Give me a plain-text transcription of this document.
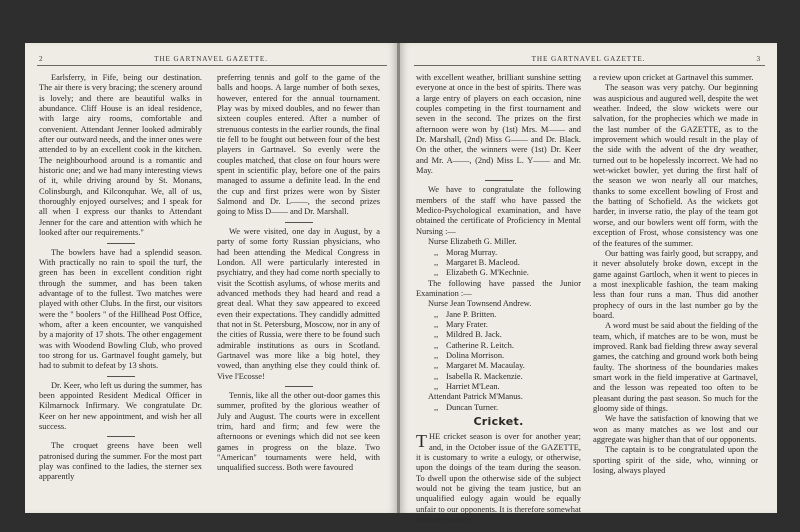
2	THE GARTNAVEL GAZETTE.

Earlsferry, in Fife, being our destination. The air there is very bracing; the scenery around is lovely; and there are beautiful walks in abundance. Cliff House is an ideal residence, with large airy rooms, comfortable and convenient. Attendant Jenner looked admirably after our outward needs, and the inner ones were attended to by an excellent cook in the kitchen. The neighbourhood around is a romantic and historic one; and we had many interesting views of it, while driving around by St. Monans, Colinsburgh, and Kilconquhar. We, all of us, thoroughly enjoyed ourselves; and I speak for all when I express our thanks to Attendant Jenner for the care and attention with which he looked after our requirements."

The bowlers have had a splendid season. With practically no rain to spoil the turf, the green has been in excellent condition right through the summer, and has been taken advantage of to the fullest. Two matches were played with other Clubs. In the first, our visitors were the " boolers " of the Hillhead Post Office, whom, after a keen encounter, we vanquished by a majority of 17 shots. The other engagement was with Woodend Bowling Club, who proved too strong for us. Gartnavel fought gamely, but had to submit to defeat by 13 shots.

Dr. Keer, who left us during the summer, has been appointed Resident Medical Officer in Kilmarnock Infirmary. We congratulate Dr. Keer on her new appointment, and wish her all success.

The croquet greens have been well patronised during the summer. For the most part play was confined to the ladies, the sterner sex apparently

preferring tennis and golf to the game of the balls and hoops. A large number of both sexes, however, entered for the annual tournament. Play was by mixed doubles, and no fewer than sixteen couples entered. After a number of strenuous contests in the earlier rounds, the final tie fell to be fought out between four of the best players in Gartnavel. So evenly were the couples matched, that close on four hours were spent in scientific play, before one of the pairs managed to assume a definite lead. In the end the cup and first prizes were won by Sister Salmond and Dr. L——, the second prizes going to Miss D—— and Dr. Marshall.

We were visited, one day in August, by a party of some forty Russian physicians, who had been attending the Medical Congress in London. All were particularly interested in psychiatry, and they had come north specially to visit the Scottish asylums, of whose merits and advanced methods they had heard and read a great deal. What they saw appeared to exceed even their expectations. They candidly admitted that not in St. Petersburg, Moscow, nor in any of the cities of Russia, were there to be found such admirable institutions as ours in Scotland. Gartnavel was more like a big hotel, they vowed, than anything else they could think of. Vive l'Ecosse!

Tennis, like all the other out-door games this summer, profited by the glorious weather of July and August. The courts were in excellent trim, hard and firm; and few were the afternoons or evenings which did not see keen games in progress on the blaze. Two "American" tournaments were held, with unqualified success. Both were favoured

THE GARTNAVEL GAZETTE.	3

with excellent weather, brilliant sunshine setting everyone at once in the best of spirits. There was a large entry of players on each occasion, nine couples competing in the first tournament and seven in the second. The prizes on the first afternoon were won by (1st) Mrs. M—— and Dr. Marshall, (2nd) Miss G—— and Dr. Black. On the other, the winners were (1st) Dr. Keer and Mr. A——, (2nd) Miss L. Y—— and Mr. May.

We have to congratulate the following members of the staff who have passed the Medico-Psychological examination, and have obtained the certificate of Proficiency in Mental Nursing :—

Nurse Elizabeth G. Miller.
,, Morag Murray.
,, Margaret B. Macleod.
,, Elizabeth G. M'Kechnie.

The following have passed the Junior Examination :—

Nurse Jean Townsend Andrew.
,, Jane P. Britten.
,, Mary Frater.
,, Mildred B. Jack.
,, Catherine R. Leitch.
,, Dolina Morrison.
,, Margaret M. Macaulay.
,, Isabella R. Mackenzie.
,, Harriet M'Lean.
Attendant Patrick M'Manus.
,, Duncan Turner.
Cricket.

THE cricket season is over for another year; and, in the October issue of the GAZETTE, it is customary to write a eulogy, or otherwise, upon the doings of the team during the season. To dwell upon the otherwise side of the subject would not be giving the team justice, but an unqualified eulogy again would be equally unfair to our opponents. It is therefore somewhat difficult to write

a review upon cricket at Gartnavel this summer.

The season was very patchy. Our beginning was auspicious and augured well, despite the wet weather. Indeed, the slow wickets were our salvation, for the prophecies which we made in the last number of the GAZETTE, as to the improvement which would result in the play of the side with the advent of the dry weather, turned out to be hopelessly incorrect. We had no wet-wicket bowler, yet during the first half of the season we won nearly all our matches, thanks to some excellent bowling of Frost and the batting of Schofield. As the wickets got harder, in inverse ratio, the play of the team got worse, and our bowlers went off form, with the exception of Frost, whose consistency was one of the features of the summer.

Our batting was fairly good, but scrappy, and it never absolutely broke down, except in the game against Gartloch, when it went to pieces in a most inexplicable fashion, the team making less than four runs a man. Thus did another prophecy of ours in the last number go by the board.

A word must be said about the fielding of the team, which, if matches are to be won, must be improved. Rank bad fielding threw away several games, the catching and ground work both being faulty. The shortness of the boundaries makes smart work in the field imperative at Gartnavel, and the lesson was repeated too often to be pleasant during the past season. So much for the gloomy side of things.

We have the satisfaction of knowing that we won as many matches as we lost and our aggregate was higher than that of our opponents.

The captain is to be congratulated upon the sporting spirit of the side, who, winning or losing, always played
